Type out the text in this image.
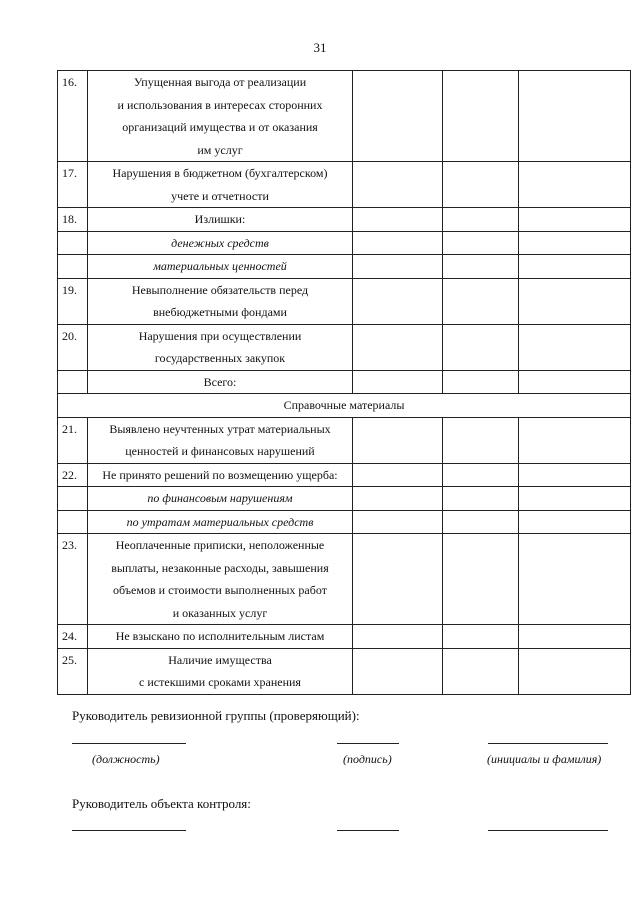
31
16.	Упущенная выгода от реализации
и использования в интересах сторонних
организаций имущества и от оказания
им услуг			

17.	Нарушения в бюджетном (бухгалтерском)
учете и отчетности			

18.	Излишки:			

	денежных средств			

	материальных ценностей			

19.	Невыполнение обязательств перед
внебюджетными фондами			

20.	Нарушения при осуществлении
государственных закупок			

	Всего:			

Справочные материалы				
21.	Выявлено неучтенных утрат материальных
ценностей и финансовых нарушений			

22.	Не принято решений по возмещению ущерба:			

	по финансовым нарушениям			

	по утратам материальных средств			

23.	Неоплаченные приписки, неположенные
выплаты, незаконные расходы, завышения
объемов и стоимости выполненных работ
и оказанных услуг			

24.	Не взыскано по исполнительным листам			

25.	Наличие имущества
с истекшими сроками хранения			

Руководитель ревизионной группы (проверяющий):
(должность)	(подпись)	(инициалы и фамилия)
Руководитель объекта контроля:
